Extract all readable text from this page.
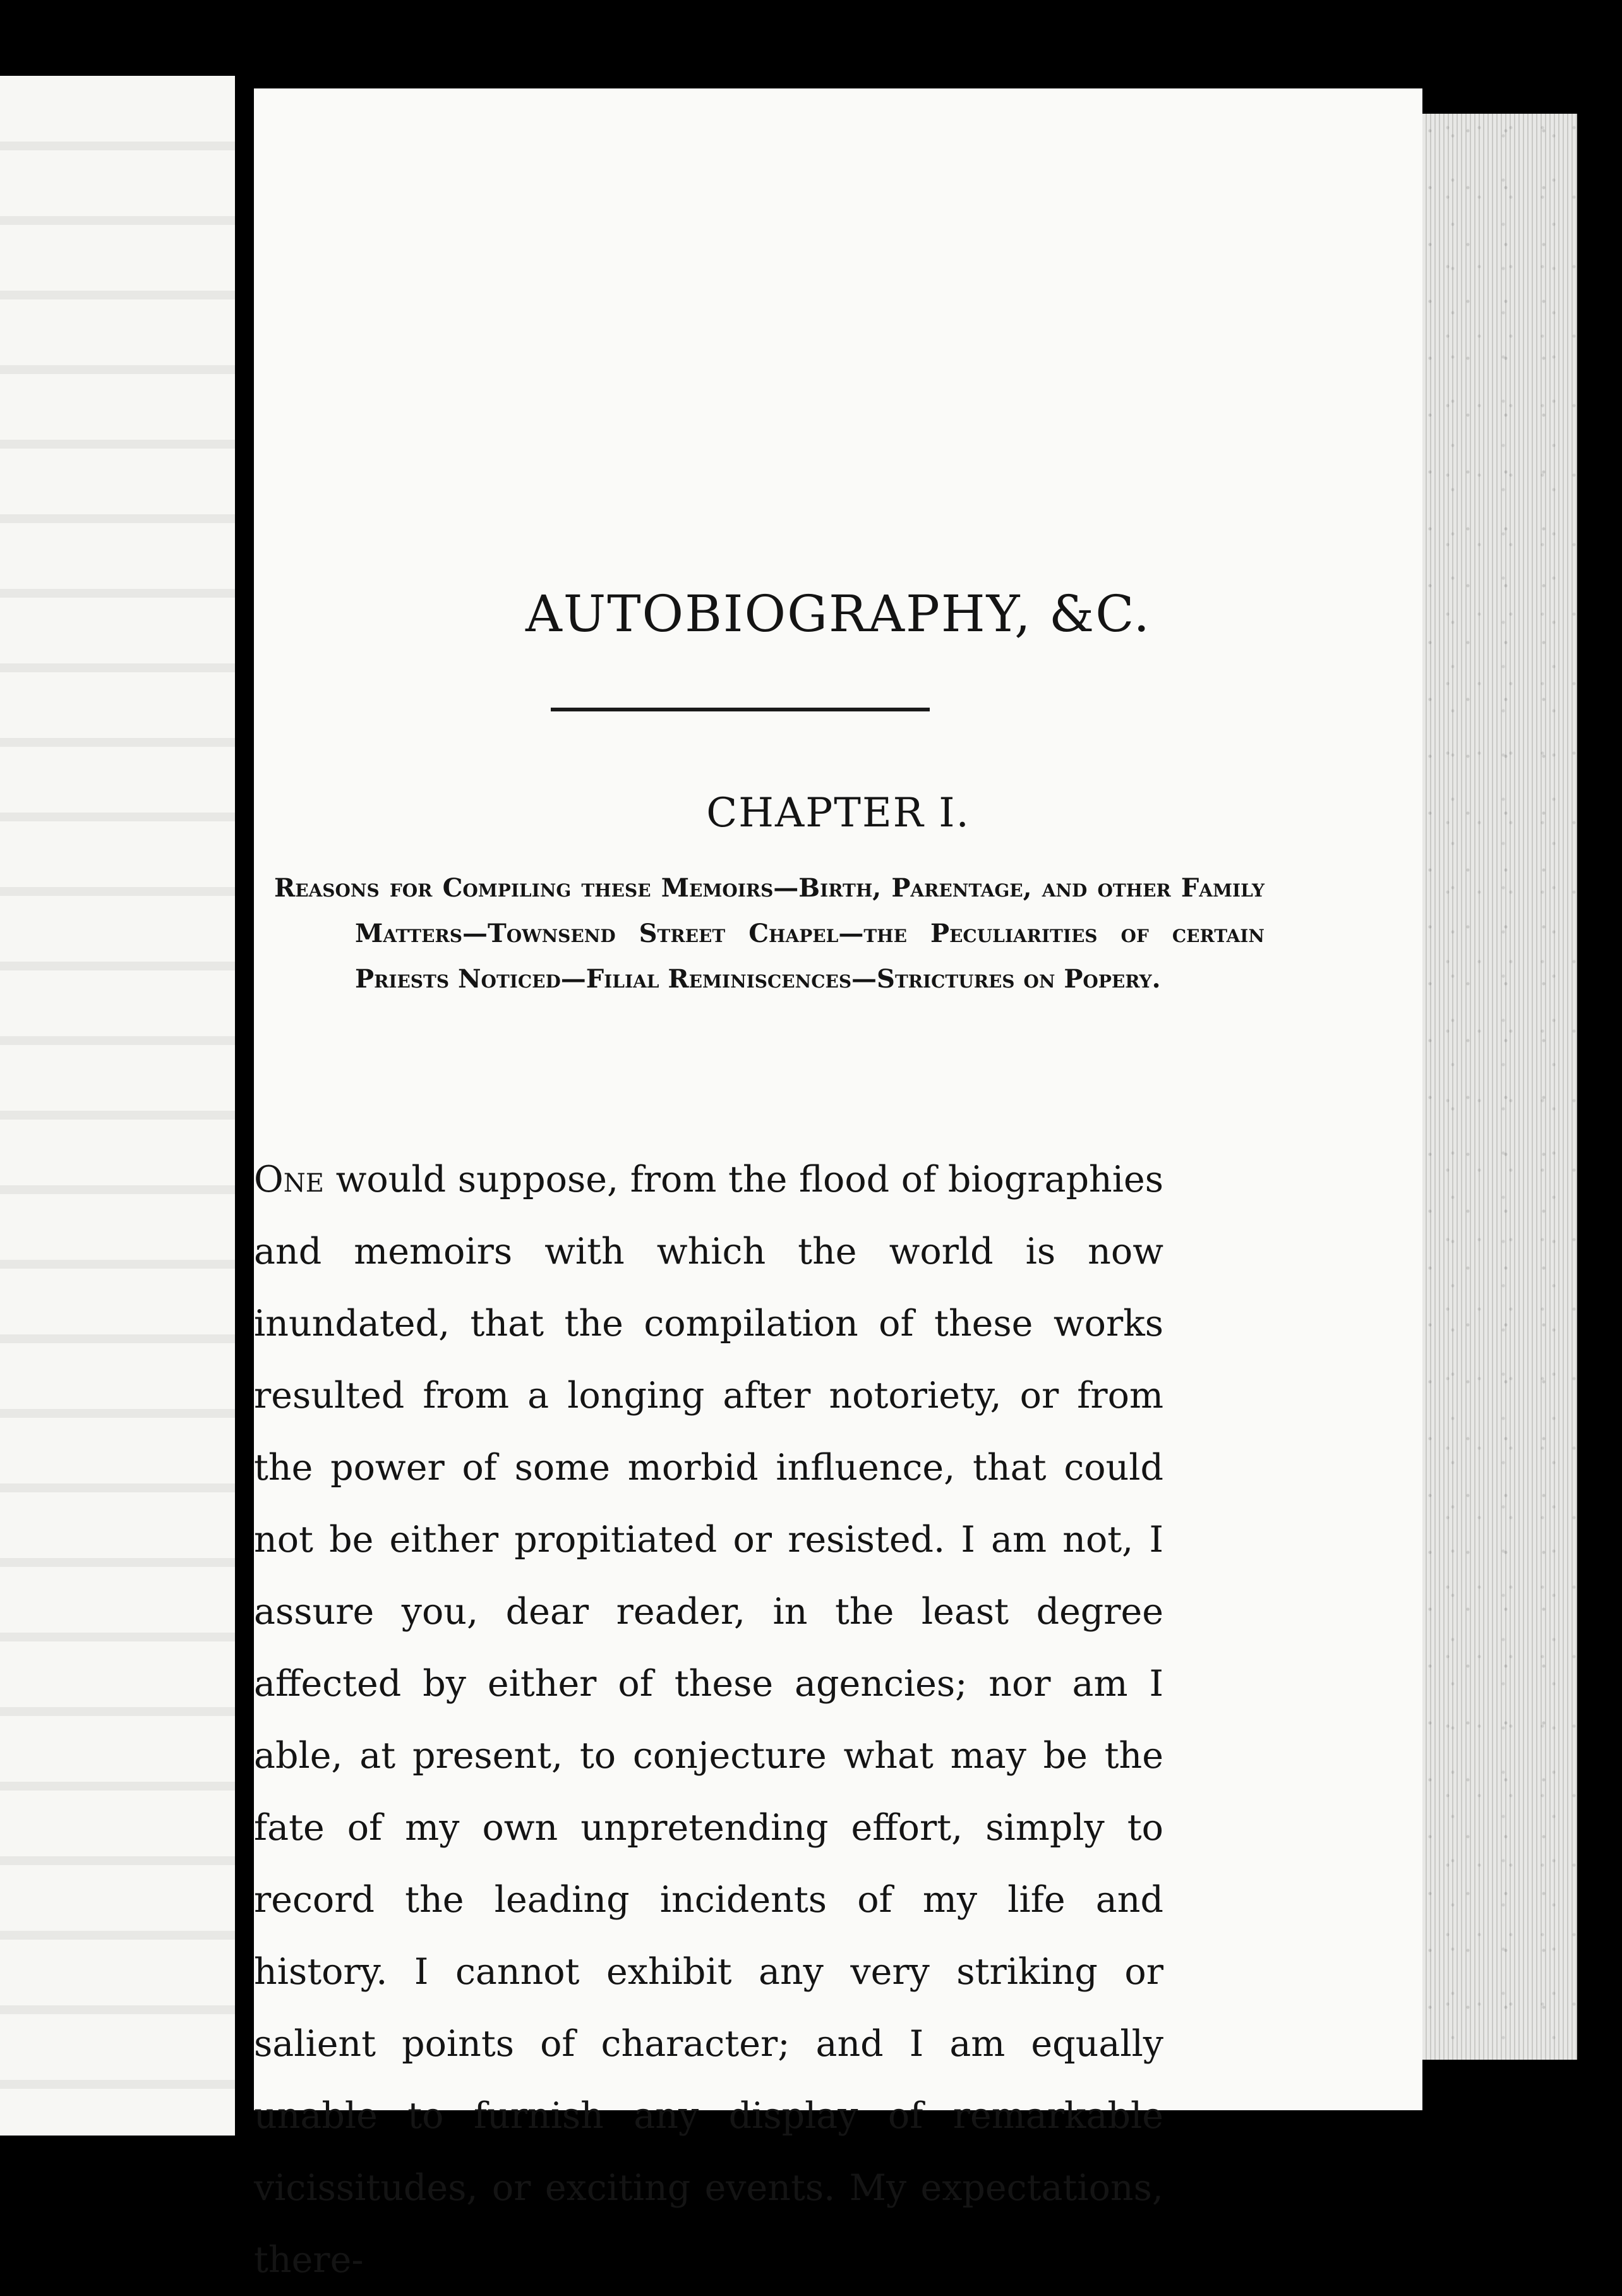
AUTOBIOGRAPHY, &C.
CHAPTER I.

Reasons for Compiling these Memoirs—Birth, Parentage, and other Family Matters—Townsend Street Chapel—the Peculiarities of certain Priests Noticed—Filial Reminiscences—Strictures on Popery.

One would suppose, from the flood of biographies and memoirs with which the world is now inundated, that the compilation of these works resulted from a longing after notoriety, or from the power of some morbid influence, that could not be either propitiated or resisted. I am not, I assure you, dear reader, in the least degree affected by either of these agencies; nor am I able, at present, to conjecture what may be the fate of my own unpretending effort, simply to record the leading incidents of my life and history. I cannot exhibit any very striking or salient points of character; and I am equally unable to furnish any display of remarkable vicissitudes, or exciting events. My expectations, there-
